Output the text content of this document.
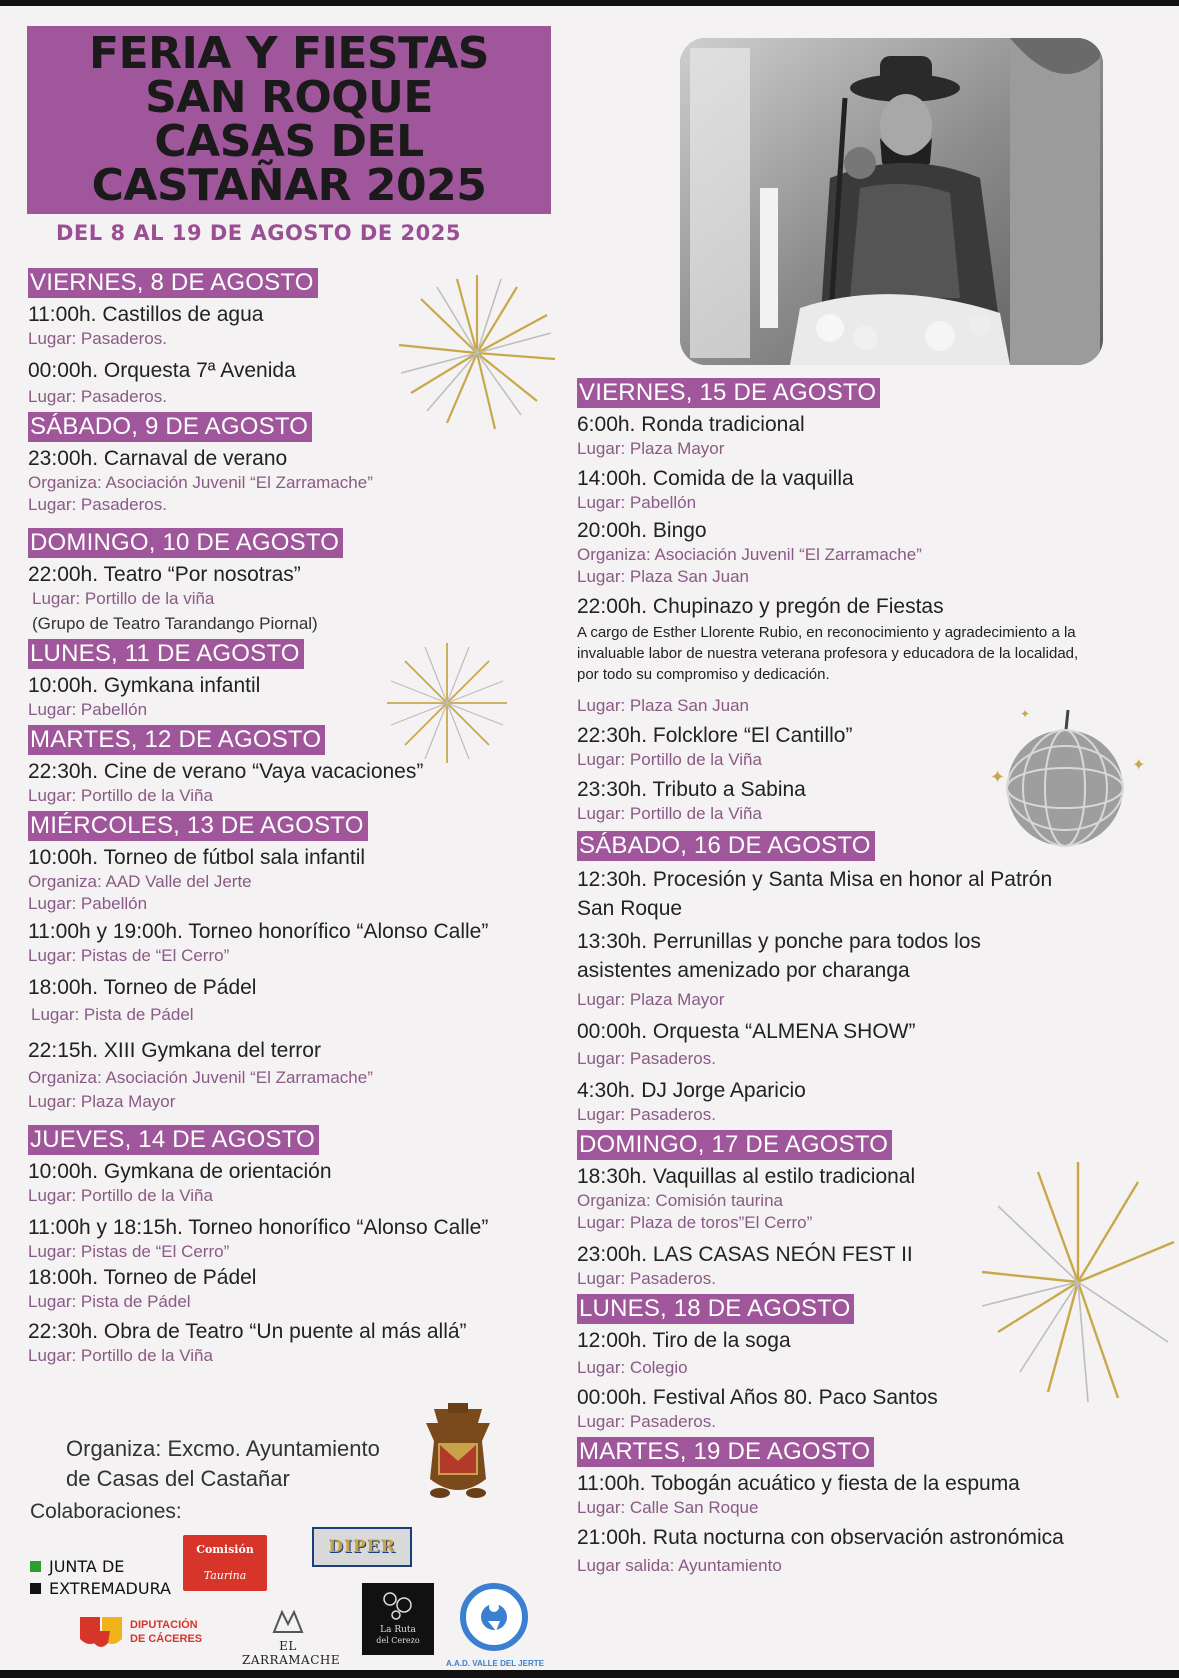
FERIA Y FIESTAS
SAN ROQUE
CASAS DEL
CASTAÑAR 2025
DEL 8 AL 19 DE AGOSTO DE 2025
✦
✦
✦
VIERNES, 8 DE AGOSTO
11:00h. Castillos de agua
Lugar: Pasaderos.
00:00h. Orquesta 7ª Avenida
Lugar: Pasaderos.
SÁBADO, 9 DE AGOSTO
23:00h. Carnaval de verano
Organiza: Asociación Juvenil “El Zarramache”
Lugar: Pasaderos.
DOMINGO, 10 DE AGOSTO
22:00h. Teatro “Por nosotras”
Lugar: Portillo de la viña
(Grupo de Teatro Tarandango Piornal)
LUNES, 11 DE AGOSTO
10:00h. Gymkana infantil
Lugar: Pabellón
MARTES, 12 DE AGOSTO
22:30h. Cine de verano “Vaya vacaciones”
Lugar: Portillo de la Viña
MIÉRCOLES, 13 DE AGOSTO
10:00h. Torneo de fútbol sala infantil
Organiza: AAD Valle del Jerte
Lugar: Pabellón
11:00h y 19:00h. Torneo honorífico “Alonso Calle”
Lugar: Pistas de “El Cerro”
18:00h. Torneo de Pádel
Lugar: Pista de Pádel
22:15h. XIII Gymkana del terror
Organiza: Asociación Juvenil “El Zarramache”
Lugar: Plaza Mayor
JUEVES, 14 DE AGOSTO
10:00h. Gymkana de orientación
Lugar: Portillo de la Viña
11:00h y 18:15h. Torneo honorífico “Alonso Calle”
Lugar: Pistas de “El Cerro”
18:00h. Torneo de Pádel
Lugar: Pista de Pádel
22:30h. Obra de Teatro “Un puente al más allá”
Lugar: Portillo de la Viña
VIERNES, 15 DE AGOSTO
6:00h. Ronda tradicional
Lugar: Plaza Mayor
14:00h. Comida de la vaquilla
Lugar: Pabellón
20:00h. Bingo
Organiza: Asociación Juvenil “El Zarramache”
Lugar: Plaza San Juan
22:00h. Chupinazo y pregón de Fiestas
A cargo de Esther Llorente Rubio, en reconocimiento y agradecimiento a la invaluable labor de nuestra veterana profesora y educadora de la localidad, por todo su compromiso y dedicación.
Lugar: Plaza San Juan
22:30h. Folcklore “El Cantillo”
Lugar: Portillo de la Viña
23:30h. Tributo a Sabina
Lugar: Portillo de la Viña
SÁBADO, 16 DE AGOSTO
12:30h. Procesión y Santa Misa en honor al Patrón
San Roque
13:30h. Perrunillas y ponche para todos los
asistentes amenizado por charanga
Lugar: Plaza Mayor
00:00h. Orquesta “ALMENA SHOW”
Lugar: Pasaderos.
4:30h. DJ Jorge Aparicio
Lugar: Pasaderos.
DOMINGO, 17 DE AGOSTO
18:30h. Vaquillas al estilo tradicional
Organiza: Comisión taurina
Lugar: Plaza de toros”El Cerro”
23:00h. LAS CASAS NEÓN FEST II
Lugar: Pasaderos.
LUNES, 18 DE AGOSTO
12:00h. Tiro de la soga
Lugar: Colegio
00:00h. Festival Años 80. Paco Santos
Lugar: Pasaderos.
MARTES, 19 DE AGOSTO
11:00h. Tobogán acuático y fiesta de la espuma
Lugar: Calle San Roque
21:00h. Ruta nocturna con observación astronómica
Lugar salida: Ayuntamiento
Organiza: Excmo. Ayuntamiento
de Casas del Castañar
Colaboraciones:
JUNTA DE
EXTREMADURA
Comisión
Taurina
DIPER
DIPUTACIÓN
DE CÁCERES	EL ZARRAMACHE
La Ruta
del Cerezo
A.A.D. VALLE DEL JERTE
